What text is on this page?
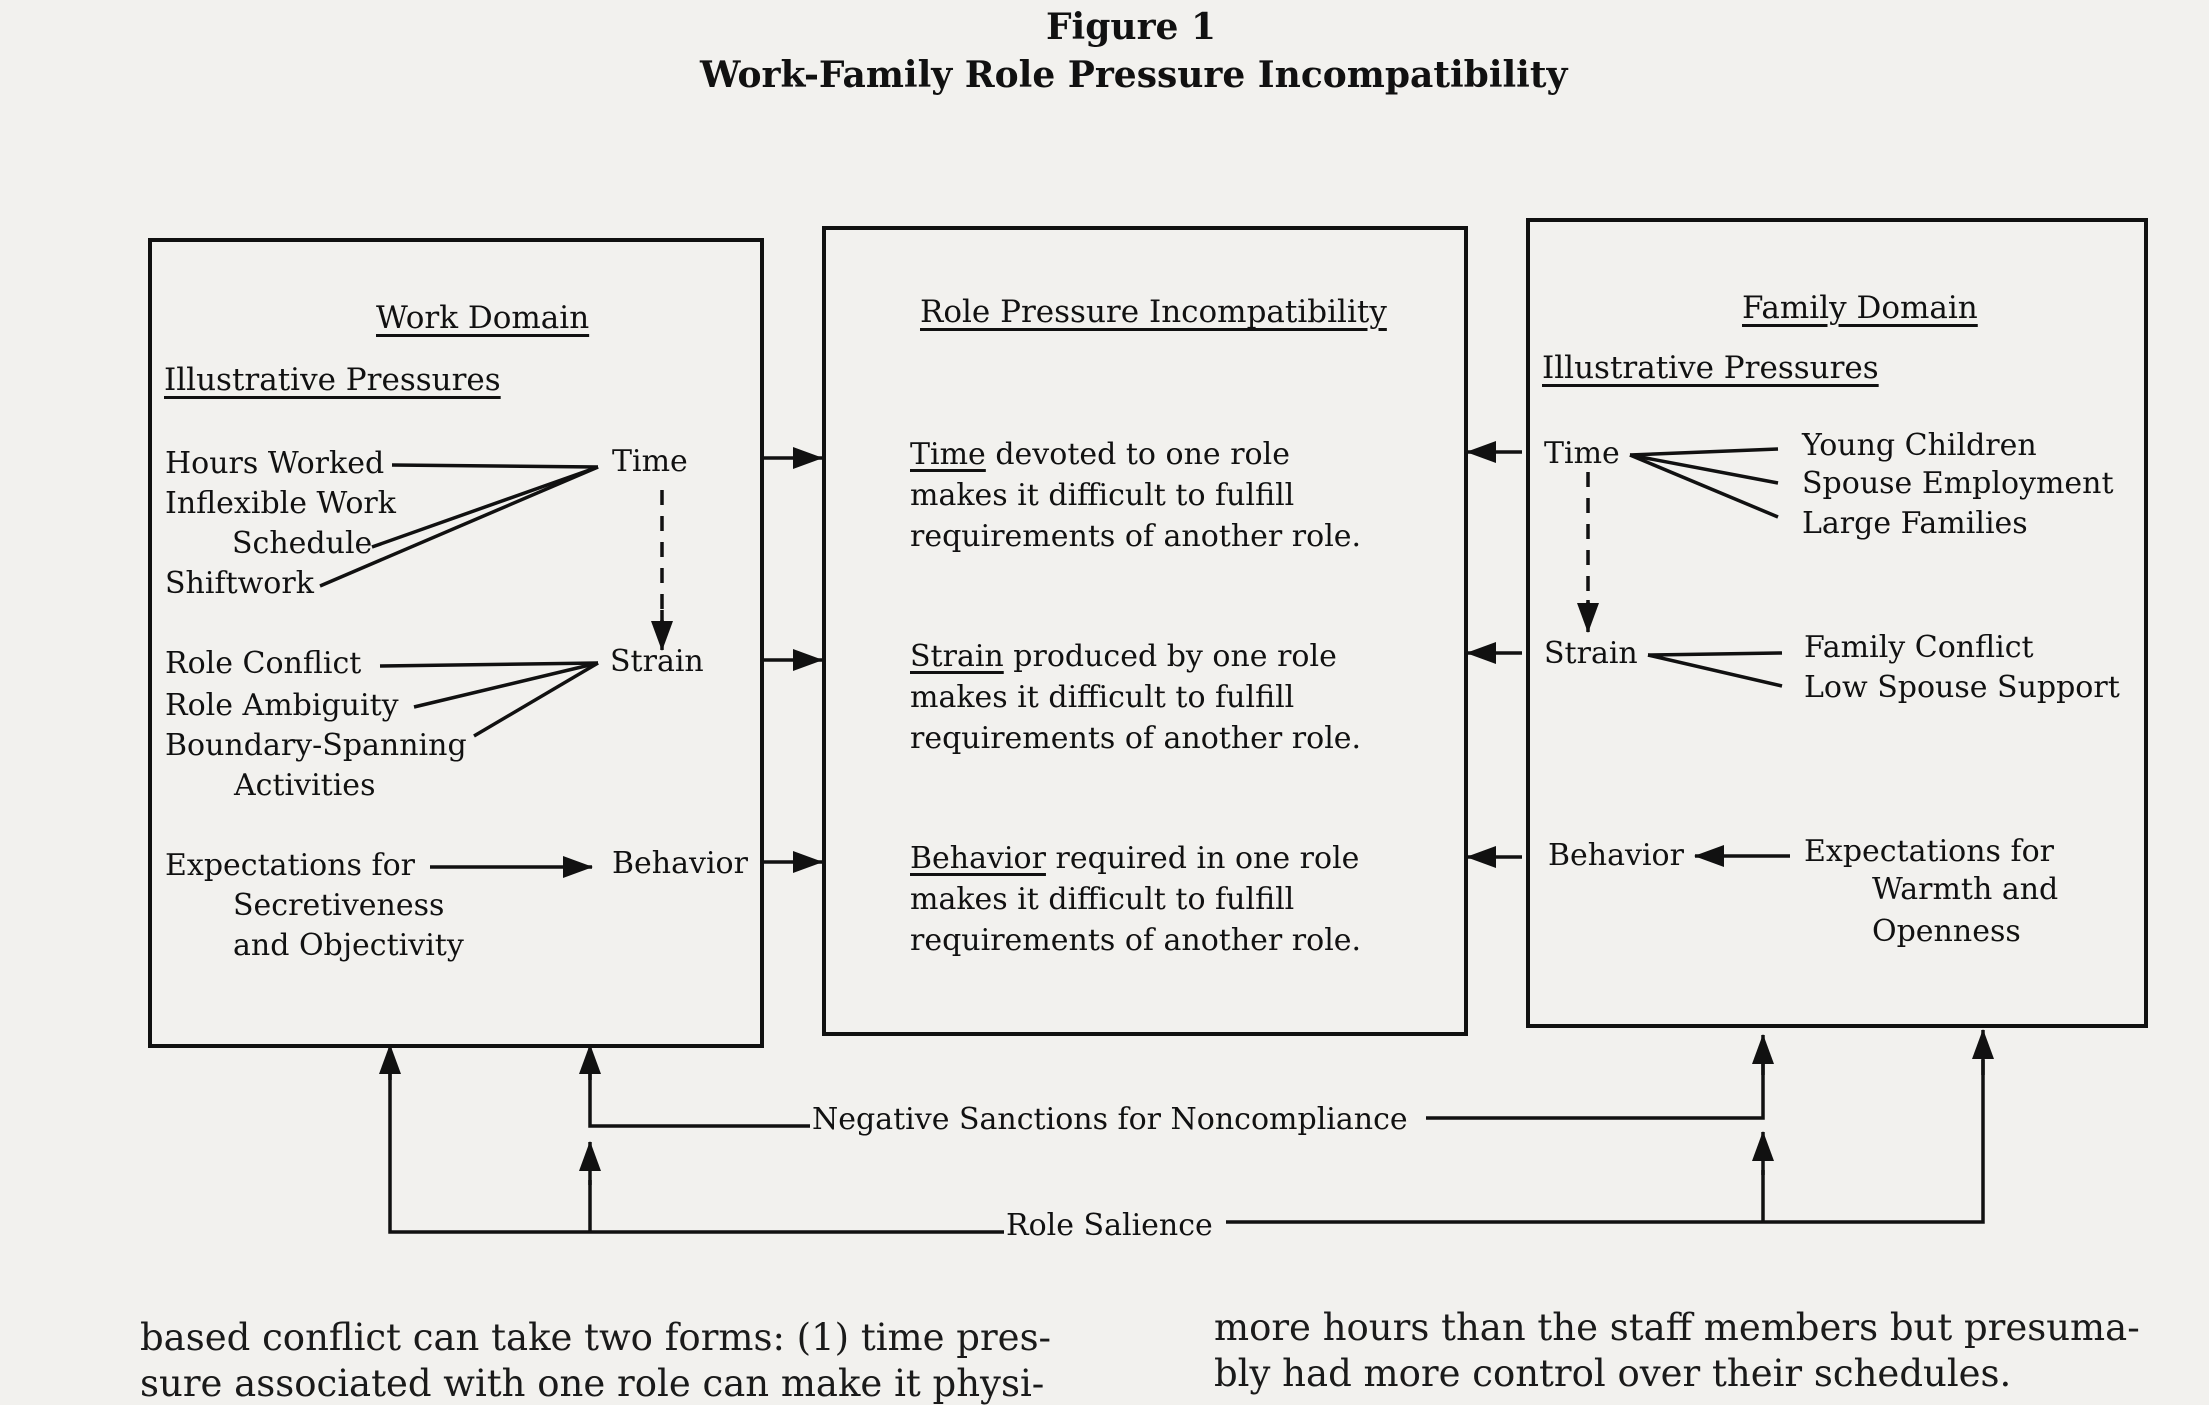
Figure 1
Work-Family Role Pressure Incompatibility
Work Domain
Illustrative Pressures
Hours Worked
Inflexible Work
Schedule
Shiftwork
Time
Strain
Behavior
Role Conflict
Role Ambiguity
Boundary-Spanning
Activities
Expectations for
Secretiveness
and Objectivity
Role Pressure Incompatibility
Time devoted to one role
makes it difficult to fulfill
requirements of another role.
Strain produced by one role
makes it difficult to fulfill
requirements of another role.
Behavior required in one role
makes it difficult to fulfill
requirements of another role.
Family Domain
Illustrative Pressures
Time
Strain
Behavior
Young Children
Spouse Employment
Large Families
Family Conflict
Low Spouse Support
Expectations for
Warmth and
Openness
Negative Sanctions for Noncompliance
Role Salience
based conflict can take two forms: (1) time pres-	more hours than the staff members but presuma-
sure associated with one role can make it physi-	bly had more control over their schedules.
